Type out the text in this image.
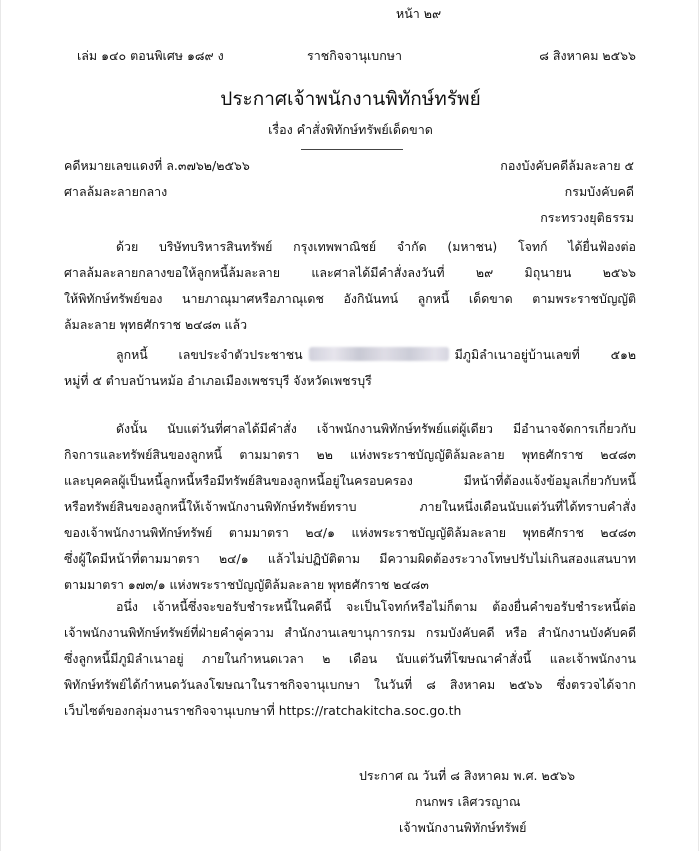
หน้า ๒๙
เล่ม ๑๔๐ ตอนพิเศษ ๑๘๙ ง	ราชกิจจานุเบกษา	๘ สิงหาคม ๒๕๖๖
ประกาศเจ้าพนักงานพิทักษ์ทรัพย์
เรื่อง คำสั่งพิทักษ์ทรัพย์เด็ดขาด
คดีหมายเลขแดงที่ ล.๓๗๖๒/๒๕๖๖
ศาลล้มละลายกลาง
กองบังคับคดีล้มละลาย ๕
กรมบังคับคดี
กระทรวงยุติธรรม
ด้วย บริษัทบริหารสินทรัพย์ กรุงเทพพาณิชย์ จำกัด (มหาชน) โจทก์ ได้ยื่นฟ้องต่อ
ศาลล้มละลายกลางขอให้ลูกหนี้ล้มละลาย และศาลได้มีคำสั่งลงวันที่ ๒๙ มิถุนายน ๒๕๖๖
ให้พิทักษ์ทรัพย์ของ นายภาณุมาศหรือภาณุเดช อังกินันทน์ ลูกหนี้ เด็ดขาด ตามพระราชบัญญัติ
ล้มละลาย พุทธศักราช ๒๔๘๓ แล้ว
ลูกหนี้ เลขประจำตัวประชาชน	มีภูมิลำเนาอยู่บ้านเลขที่ ๕๑๒
หมู่ที่ ๕ ตำบลบ้านหม้อ อำเภอเมืองเพชรบุรี จังหวัดเพชรบุรี
ดังนั้น นับแต่วันที่ศาลได้มีคำสั่ง เจ้าพนักงานพิทักษ์ทรัพย์แต่ผู้เดียว มีอำนาจจัดการเกี่ยวกับ
กิจการและทรัพย์สินของลูกหนี้ ตามมาตรา ๒๒ แห่งพระราชบัญญัติล้มละลาย พุทธศักราช ๒๔๘๓
และบุคคลผู้เป็นหนี้ลูกหนี้หรือมีทรัพย์สินของลูกหนี้อยู่ในครอบครอง มีหน้าที่ต้องแจ้งข้อมูลเกี่ยวกับหนี้
หรือทรัพย์สินของลูกหนี้ให้เจ้าพนักงานพิทักษ์ทรัพย์ทราบ ภายในหนึ่งเดือนนับแต่วันที่ได้ทราบคำสั่ง
ของเจ้าพนักงานพิทักษ์ทรัพย์ ตามมาตรา ๒๔/๑ แห่งพระราชบัญญัติล้มละลาย พุทธศักราช ๒๔๘๓
ซึ่งผู้ใดมีหน้าที่ตามมาตรา ๒๔/๑ แล้วไม่ปฏิบัติตาม มีความผิดต้องระวางโทษปรับไม่เกินสองแสนบาท
ตามมาตรา ๑๗๓/๑ แห่งพระราชบัญญัติล้มละลาย พุทธศักราช ๒๔๘๓
อนึ่ง เจ้าหนี้ซึ่งจะขอรับชำระหนี้ในคดีนี้ จะเป็นโจทก์หรือไม่ก็ตาม ต้องยื่นคำขอรับชำระหนี้ต่อ
เจ้าพนักงานพิทักษ์ทรัพย์ที่ฝ่ายคำคู่ความ สำนักงานเลขานุการกรม กรมบังคับคดี หรือ สำนักงานบังคับคดี
ซึ่งลูกหนี้มีภูมิลำเนาอยู่ ภายในกำหนดเวลา ๒ เดือน นับแต่วันที่โฆษณาคำสั่งนี้ และเจ้าพนักงาน
พิทักษ์ทรัพย์ได้กำหนดวันลงโฆษณาในราชกิจจานุเบกษา ในวันที่ ๘ สิงหาคม ๒๕๖๖ ซึ่งตรวจได้จาก
เว็บไซต์ของกลุ่มงานราชกิจจานุเบกษาที่ https://ratchakitcha.soc.go.th
ประกาศ ณ วันที่ ๘ สิงหาคม พ.ศ. ๒๕๖๖
กนกพร เลิศวรญาณ
เจ้าพนักงานพิทักษ์ทรัพย์
